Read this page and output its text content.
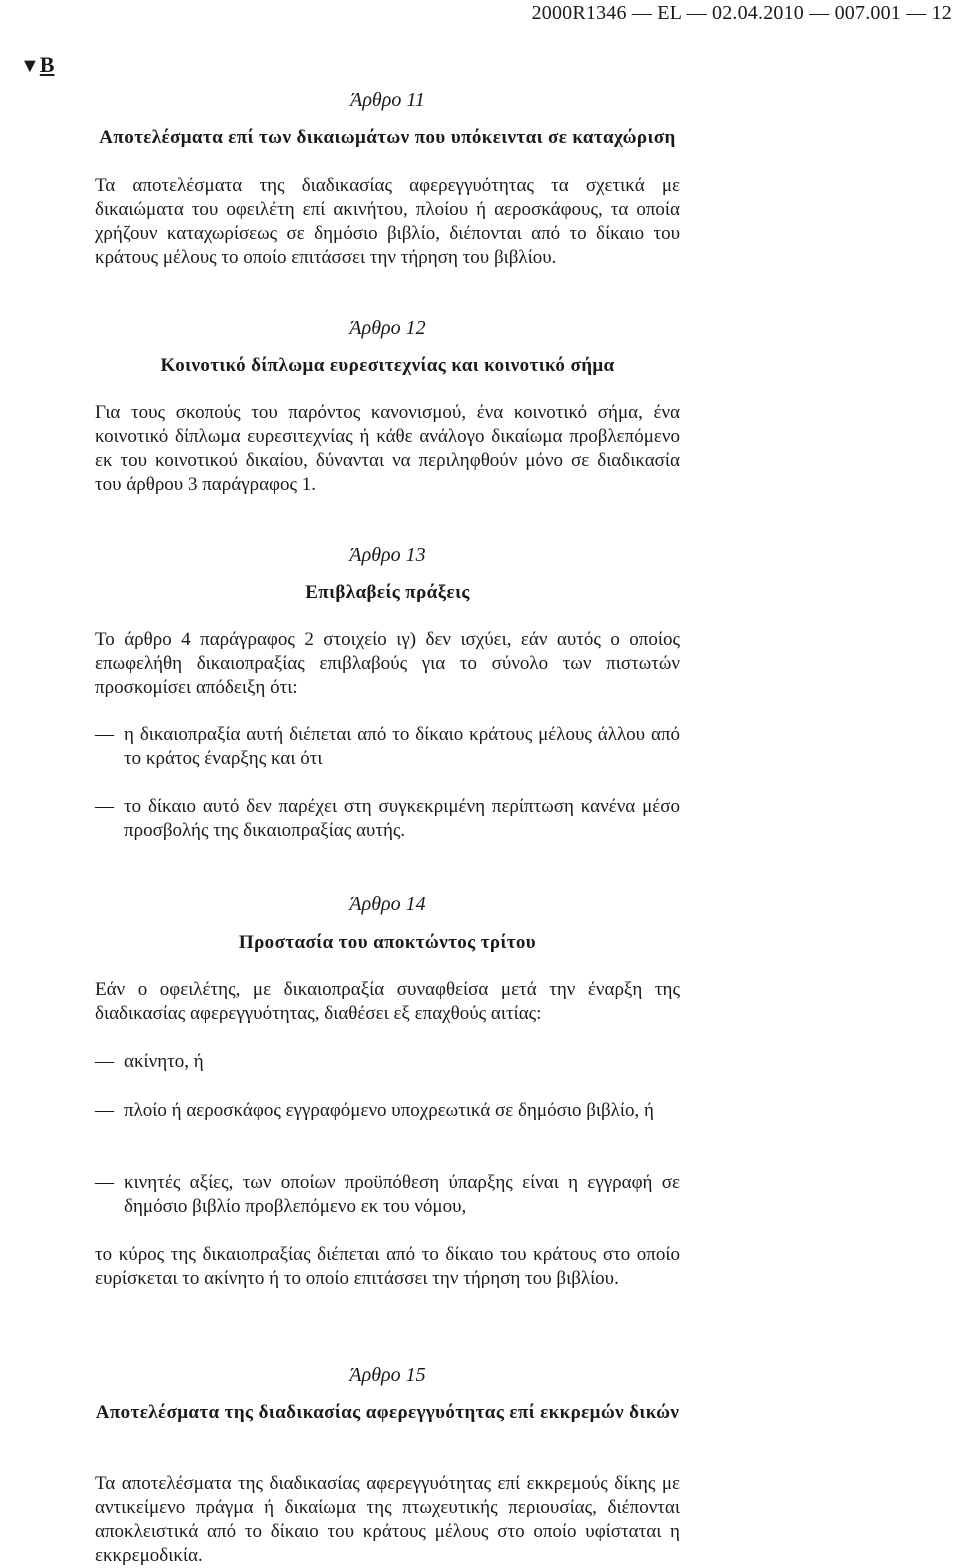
2000R1346 — EL — 02.04.2010 — 007.001 — 12
▼B
Άρθρο 11
Αποτελέσματα επί των δικαιωμάτων που υπόκεινται σε καταχώριση
Τα αποτελέσματα της διαδικασίας αφερεγγυότητας τα σχετικά με δικαιώματα του οφειλέτη επί ακινήτου, πλοίου ή αεροσκάφους, τα οποία χρήζουν καταχωρίσεως σε δημόσιο βιβλίο, διέπονται από το δίκαιο του κράτους μέλους το οποίο επιτάσσει την τήρηση του βιβλίου.
Άρθρο 12
Κοινοτικό δίπλωμα ευρεσιτεχνίας και κοινοτικό σήμα
Για τους σκοπούς του παρόντος κανονισμού, ένα κοινοτικό σήμα, ένα κοινοτικό δίπλωμα ευρεσιτεχνίας ή κάθε ανάλογο δικαίωμα προβλεπόμενο εκ του κοινοτικού δικαίου, δύνανται να περιληφθούν μόνο σε διαδικασία του άρθρου 3 παράγραφος 1.
Άρθρο 13
Επιβλαβείς πράξεις
Το άρθρο 4 παράγραφος 2 στοιχείο ιγ) δεν ισχύει, εάν αυτός ο οποίος επωφελήθη δικαιοπραξίας επιβλαβούς για το σύνολο των πιστωτών προσκομίσει απόδειξη ότι:
— η δικαιοπραξία αυτή διέπεται από το δίκαιο κράτους μέλους άλλου από το κράτος έναρξης και ότι
— το δίκαιο αυτό δεν παρέχει στη συγκεκριμένη περίπτωση κανένα μέσο προσβολής της δικαιοπραξίας αυτής.
Άρθρο 14
Προστασία του αποκτώντος τρίτου
Εάν ο οφειλέτης, με δικαιοπραξία συναφθείσα μετά την έναρξη της διαδικασίας αφερεγγυότητας, διαθέσει εξ επαχθούς αιτίας:
— ακίνητο, ή
— πλοίο ή αεροσκάφος εγγραφόμενο υποχρεωτικά σε δημόσιο βιβλίο, ή
— κινητές αξίες, των οποίων προϋπόθεση ύπαρξης είναι η εγγραφή σε δημόσιο βιβλίο προβλεπόμενο εκ του νόμου,
το κύρος της δικαιοπραξίας διέπεται από το δίκαιο του κράτους στο οποίο ευρίσκεται το ακίνητο ή το οποίο επιτάσσει την τήρηση του βιβλίου.
Άρθρο 15
Αποτελέσματα της διαδικασίας αφερεγγυότητας επί εκκρεμών δικών
Τα αποτελέσματα της διαδικασίας αφερεγγυότητας επί εκκρεμούς δίκης με αντικείμενο πράγμα ή δικαίωμα της πτωχευτικής περιουσίας, διέπονται αποκλειστικά από το δίκαιο του κράτους μέλους στο οποίο υφίσταται η εκκρεμοδικία.
